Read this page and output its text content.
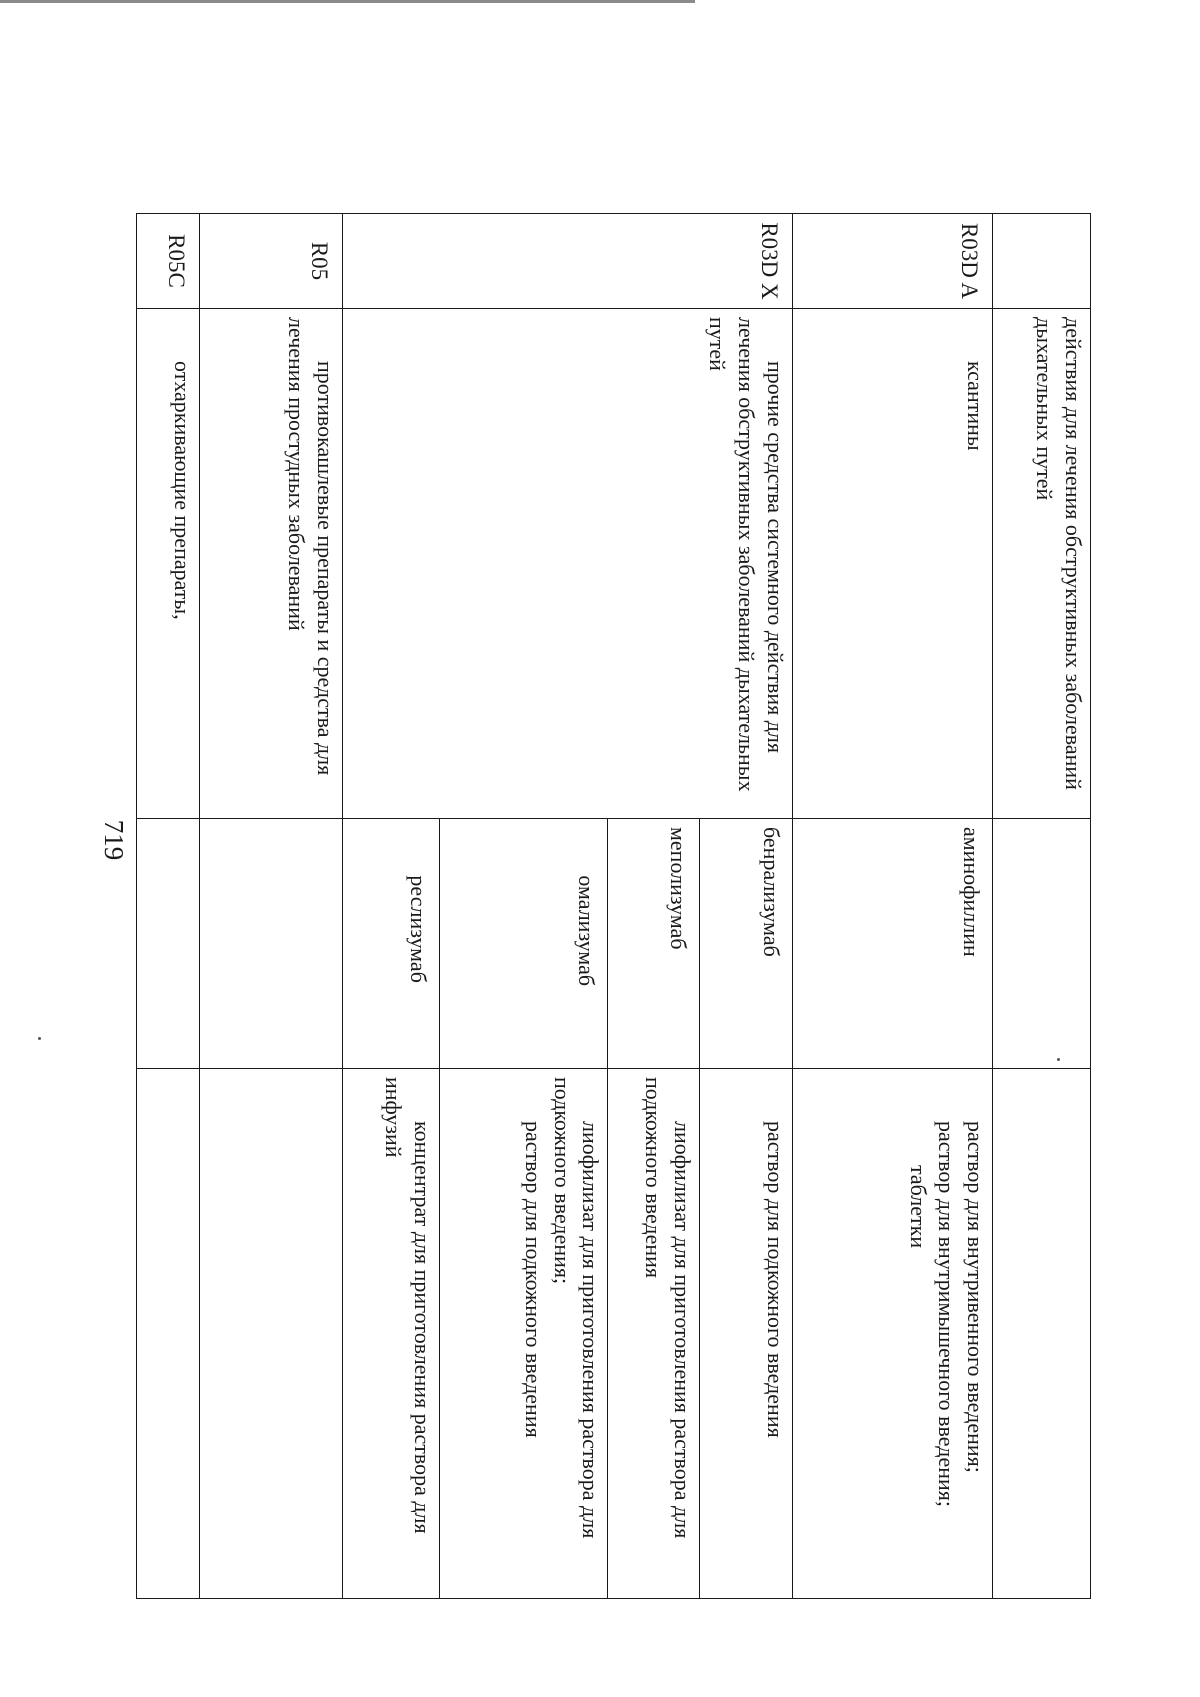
719
	действия для лечения обструктивных заболеваний дыхательных путей		
R03D A	ксантины	аминофиллин	раствор для внутривенного введения;
раствор для внутримышечного введения;
таблетки

R03D X	прочие средства системного действия для лечения обструктивных заболеваний дыхательных путей	бенрализумаб	раствор для подкожного введения

		меполизумаб	лиофилизат для приготовления раствора для подкожного введения

		омализумаб	лиофилизат для приготовления раствора для подкожного введения;
раствор для подкожного введения

		реслизумаб	концентрат для приготовления раствора для инфузий

R05	противокашлевые препараты и средства для лечения простудных заболеваний		

R05C	отхаркивающие препараты,		
